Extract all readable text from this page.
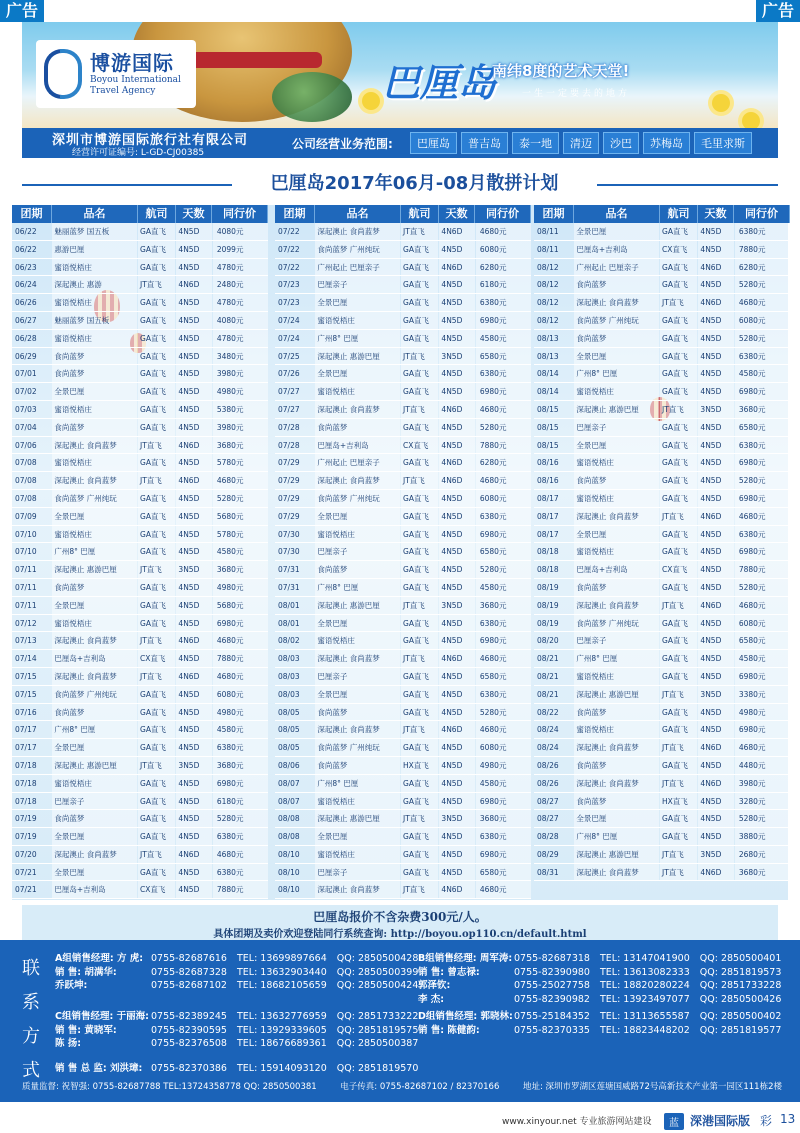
广告	广告
博游国际
Boyou International
Travel Agency	巴厘岛
南纬8度的艺术天堂!
一生一定要去的地方
深圳市博游国际旅行社有限公司
经营许可证编号: L-GD-CJ00385
公司经营业务范围:	巴厘岛	普吉岛	泰一地	清迈	沙巴	苏梅岛	毛里求斯
巴厘岛2017年06月-08月散拼计划
团期	品名	航司	天数	同行价
06/22	魅丽蓝梦 国五板	GA直飞	4N5D	4080元
06/22	惠游巴厘	GA直飞	4N5D	2099元
06/23	蜜语悦梧庄	GA直飞	4N5D	4780元
06/24	深起澳止 惠游	JT直飞	4N6D	2480元
06/26	蜜语悦梧庄	GA直飞	4N5D	4780元
06/27	魅丽蓝梦 国五板	GA直飞	4N5D	4080元
06/28	蜜语悦梧庄	GA直飞	4N5D	4780元
06/29	食尚蓝梦	GA直飞	4N5D	3480元
07/01	食尚蓝梦	GA直飞	4N5D	3980元
07/02	全景巴厘	GA直飞	4N5D	4980元
07/03	蜜语悦梧庄	GA直飞	4N5D	5380元
07/04	食尚蓝梦	GA直飞	4N5D	3980元
07/06	深起澳止 食尚蓝梦	JT直飞	4N6D	3680元
07/08	蜜语悦梧庄	GA直飞	4N5D	5780元
07/08	深起澳止 食尚蓝梦	JT直飞	4N6D	4680元
07/08	食尚蓝梦 广州纯玩	GA直飞	4N5D	5280元
07/09	全景巴厘	GA直飞	4N5D	5680元
07/10	蜜语悦梧庄	GA直飞	4N5D	5780元
07/10	广州8° 巴厘	GA直飞	4N5D	4580元
07/11	深起澳止 惠游巴厘	JT直飞	3N5D	3680元
07/11	食尚蓝梦	GA直飞	4N5D	4980元
07/11	全景巴厘	GA直飞	4N5D	5680元
07/12	蜜语悦梧庄	GA直飞	4N5D	6980元
07/13	深起澳止 食尚蓝梦	JT直飞	4N6D	4680元
07/14	巴厘岛+吉利岛	CX直飞	4N5D	7880元
07/15	深起澳止 食尚蓝梦	JT直飞	4N6D	4680元
07/15	食尚蓝梦 广州纯玩	GA直飞	4N5D	6080元
07/16	食尚蓝梦	GA直飞	4N5D	4980元
07/17	广州8° 巴厘	GA直飞	4N5D	4580元
07/17	全景巴厘	GA直飞	4N5D	6380元
07/18	深起澳止 惠游巴厘	JT直飞	3N5D	3680元
07/18	蜜语悦梧庄	GA直飞	4N5D	6980元
07/18	巴厘亲子	GA直飞	4N5D	6180元
07/19	食尚蓝梦	GA直飞	4N5D	5280元
07/19	全景巴厘	GA直飞	4N5D	6380元
07/20	深起澳止 食尚蓝梦	JT直飞	4N6D	4680元
07/21	全景巴厘	GA直飞	4N5D	6380元
07/21	巴厘岛+吉利岛	CX直飞	4N5D	7880元
团期	品名	航司	天数	同行价
07/22	深起澳止 食尚蓝梦	JT直飞	4N6D	4680元
07/22	食尚蓝梦 广州纯玩	GA直飞	4N5D	6080元
07/22	广州起止 巴厘亲子	GA直飞	4N6D	6280元
07/23	巴厘亲子	GA直飞	4N5D	6180元
07/23	全景巴厘	GA直飞	4N5D	6380元
07/24	蜜语悦梧庄	GA直飞	4N5D	6980元
07/24	广州8° 巴厘	GA直飞	4N5D	4580元
07/25	深起澳止 惠游巴厘	JT直飞	3N5D	6580元
07/26	全景巴厘	GA直飞	4N5D	6380元
07/27	蜜语悦梧庄	GA直飞	4N5D	6980元
07/27	深起澳止 食尚蓝梦	JT直飞	4N6D	4680元
07/28	食尚蓝梦	GA直飞	4N5D	5280元
07/28	巴厘岛+吉利岛	CX直飞	4N5D	7880元
07/29	广州起止 巴厘亲子	GA直飞	4N6D	6280元
07/29	深起澳止 食尚蓝梦	JT直飞	4N6D	4680元
07/29	食尚蓝梦 广州纯玩	GA直飞	4N5D	6080元
07/29	全景巴厘	GA直飞	4N5D	6380元
07/30	蜜语悦梧庄	GA直飞	4N5D	6980元
07/30	巴厘亲子	GA直飞	4N5D	6580元
07/31	食尚蓝梦	GA直飞	4N5D	5280元
07/31	广州8° 巴厘	GA直飞	4N5D	4580元
08/01	深起澳止 惠游巴厘	JT直飞	3N5D	3680元
08/01	全景巴厘	GA直飞	4N5D	6380元
08/02	蜜语悦梧庄	GA直飞	4N5D	6980元
08/03	深起澳止 食尚蓝梦	JT直飞	4N6D	4680元
08/03	巴厘亲子	GA直飞	4N5D	6580元
08/03	全景巴厘	GA直飞	4N5D	6380元
08/05	食尚蓝梦	GA直飞	4N5D	5280元
08/05	深起澳止 食尚蓝梦	JT直飞	4N6D	4680元
08/05	食尚蓝梦 广州纯玩	GA直飞	4N5D	6080元
08/06	食尚蓝梦	HX直飞	4N5D	4980元
08/07	广州8° 巴厘	GA直飞	4N5D	4580元
08/07	蜜语悦梧庄	GA直飞	4N5D	6980元
08/08	深起澳止 惠游巴厘	JT直飞	3N5D	3680元
08/08	全景巴厘	GA直飞	4N5D	6380元
08/10	蜜语悦梧庄	GA直飞	4N5D	6980元
08/10	巴厘亲子	GA直飞	4N5D	6580元
08/10	深起澳止 食尚蓝梦	JT直飞	4N6D	4680元
团期	品名	航司	天数	同行价
08/11	全景巴厘	GA直飞	4N5D	6380元
08/11	巴厘岛+吉利岛	CX直飞	4N5D	7880元
08/12	广州起止 巴厘亲子	GA直飞	4N6D	6280元
08/12	食尚蓝梦	GA直飞	4N5D	5280元
08/12	深起澳止 食尚蓝梦	JT直飞	4N6D	4680元
08/12	食尚蓝梦 广州纯玩	GA直飞	4N5D	6080元
08/13	食尚蓝梦	GA直飞	4N5D	5280元
08/13	全景巴厘	GA直飞	4N5D	6380元
08/14	广州8° 巴厘	GA直飞	4N5D	4580元
08/14	蜜语悦梧庄	GA直飞	4N5D	6980元
08/15	深起澳止 惠游巴厘	JT直飞	3N5D	3680元
08/15	巴厘亲子	GA直飞	4N5D	6580元
08/15	全景巴厘	GA直飞	4N5D	6380元
08/16	蜜语悦梧庄	GA直飞	4N5D	6980元
08/16	食尚蓝梦	GA直飞	4N5D	5280元
08/17	蜜语悦梧庄	GA直飞	4N5D	6980元
08/17	深起澳止 食尚蓝梦	JT直飞	4N6D	4680元
08/17	全景巴厘	GA直飞	4N5D	6380元
08/18	蜜语悦梧庄	GA直飞	4N5D	6980元
08/18	巴厘岛+吉利岛	CX直飞	4N5D	7880元
08/19	食尚蓝梦	GA直飞	4N5D	5280元
08/19	深起澳止 食尚蓝梦	JT直飞	4N6D	4680元
08/19	食尚蓝梦 广州纯玩	GA直飞	4N5D	6080元
08/20	巴厘亲子	GA直飞	4N5D	6580元
08/21	广州8° 巴厘	GA直飞	4N5D	4580元
08/21	蜜语悦梧庄	GA直飞	4N5D	6980元
08/21	深起澳止 惠游巴厘	JT直飞	3N5D	3380元
08/22	食尚蓝梦	GA直飞	4N5D	4980元
08/24	蜜语悦梧庄	GA直飞	4N5D	6980元
08/24	深起澳止 食尚蓝梦	JT直飞	4N6D	4680元
08/26	食尚蓝梦	GA直飞	4N5D	4480元
08/26	深起澳止 食尚蓝梦	JT直飞	4N6D	3980元
08/27	食尚蓝梦	HX直飞	4N5D	3280元
08/27	全景巴厘	GA直飞	4N5D	5280元
08/28	广州8° 巴厘	GA直飞	4N5D	3880元
08/29	深起澳止 惠游巴厘	JT直飞	3N5D	2680元
08/31	深起澳止 食尚蓝梦	JT直飞	4N6D	3680元
巴厘岛报价不含杂费300元/人。
具体团期及卖价欢迎登陆同行系统查询: http://boyou.op110.cn/default.html
联
系
方
式
A组销售经理: 方 虎: 0755-82687616 TEL: 13699897664 QQ: 2850500428
销 售: 胡满华:	0755-82687328 TEL: 13632903440 QQ: 2850500399
乔跃坤:	0755-82687102 TEL: 18682105659 QQ: 2850500424
B组销售经理: 周军涛: 0755-82687318 TEL: 13147041900 QQ: 2850500401
销 售: 曾志禄:	0755-82390980 TEL: 13613082333 QQ: 2851819573
郭泽钦:	0755-25027758 TEL: 18820280224 QQ: 2851733228
李 杰:	0755-82390982 TEL: 13923497077 QQ: 2850500426
C组销售经理: 于丽海: 0755-82389245 TEL: 13632776959 QQ: 2851733222
销 售: 黄晓军:	0755-82390595 TEL: 13929339605 QQ: 2851819575
陈 扬:	0755-82376508 TEL: 18676689361 QQ: 2850500387
D组销售经理: 郭晓林: 0755-25184352 TEL: 13113655587 QQ: 2850500402
销 售: 陈健韵:	0755-82370335 TEL: 18823448202 QQ: 2851819577
销 售 总 监: 刘洪璋: 0755-82370386 TEL: 15914093120 QQ: 2851819570
质量监督: 祝智强: 0755-82687788 TEL:13724358778 QQ: 2850500381	电子传真: 0755-82687102 / 82370166	地址: 深圳市罗湖区莲塘国威路72号高新技术产业第一园区111栋2楼
www.xinyour.net 专业旅游网站建设	蓝 深港国际版 彩 13
